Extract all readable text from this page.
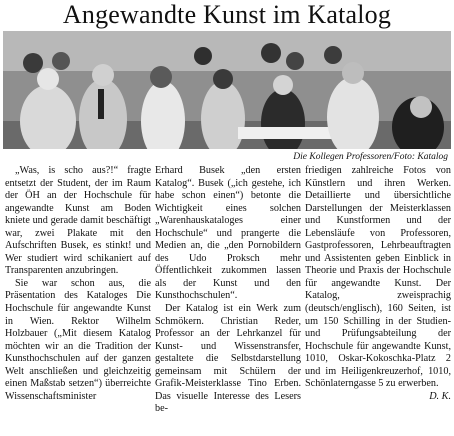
Angewandte Kunst im Katalog
Die Kollegen Professoren/Foto: Katalog

„Was, is scho aus?!“ fragte entsetzt der Student, der im Raum der ÖH an der Hochschule für angewandte Kunst am Boden kniete und gerade damit beschäftigt war, zwei Plakate mit den Aufschriften Busek, es stinkt! und Wer studiert wird schikaniert auf Transparenten anzubringen.

Sie war schon aus, die Präsentation des Kataloges Die Hochschule für angewandte Kunst in Wien. Rektor Wilhelm Holzbauer („Mit diesem Katalog möchten wir an die Tradition der Kunsthochschulen auf der ganzen Welt anschließen und gleichzeitig einen Maßstab setzen“) überreichte Wissenschaftsminister

Erhard Busek „den ersten Katalog“. Busek („ich gestehe, ich habe schon einen“) betonte die Wichtigkeit eines solchen „Warenhauskataloges einer Hochschule“ und prangerte die Medien an, die „den Pornobildern des Udo Proksch mehr Öffentlichkeit zukommen lassen als der Kunst und den Kunsthochschulen“.

Der Katalog ist ein Werk zum Schmökern. Christian Reder, Professor an der Lehrkanzel für Kunst- und Wissenstransfer, gestaltete die Selbstdarstellung gemeinsam mit Schülern der Grafik-Meisterklasse Tino Erben. Das visuelle Interesse des Lesers be-

friedigen zahlreiche Fotos von Künstlern und ihren Werken. Detaillierte und übersichtliche Darstellungen der Meisterklassen und Kunstformen und der Lebensläufe von Professoren, Gastprofessoren, Lehrbeauftragten und Assistenten geben Einblick in Theorie und Praxis der Hochschule für angewandte Kunst. Der Katalog, zweisprachig (deutsch/englisch), 160 Seiten, ist um 150 Schilling in der Studien- und Prüfungsabteilung der Hochschule für angewandte Kunst, 1010, Oskar-Kokoschka-Platz 2 und im Heiligenkreuzerhof, 1010, Schönlaterngasse 5 zu erwerben.

D. K.
